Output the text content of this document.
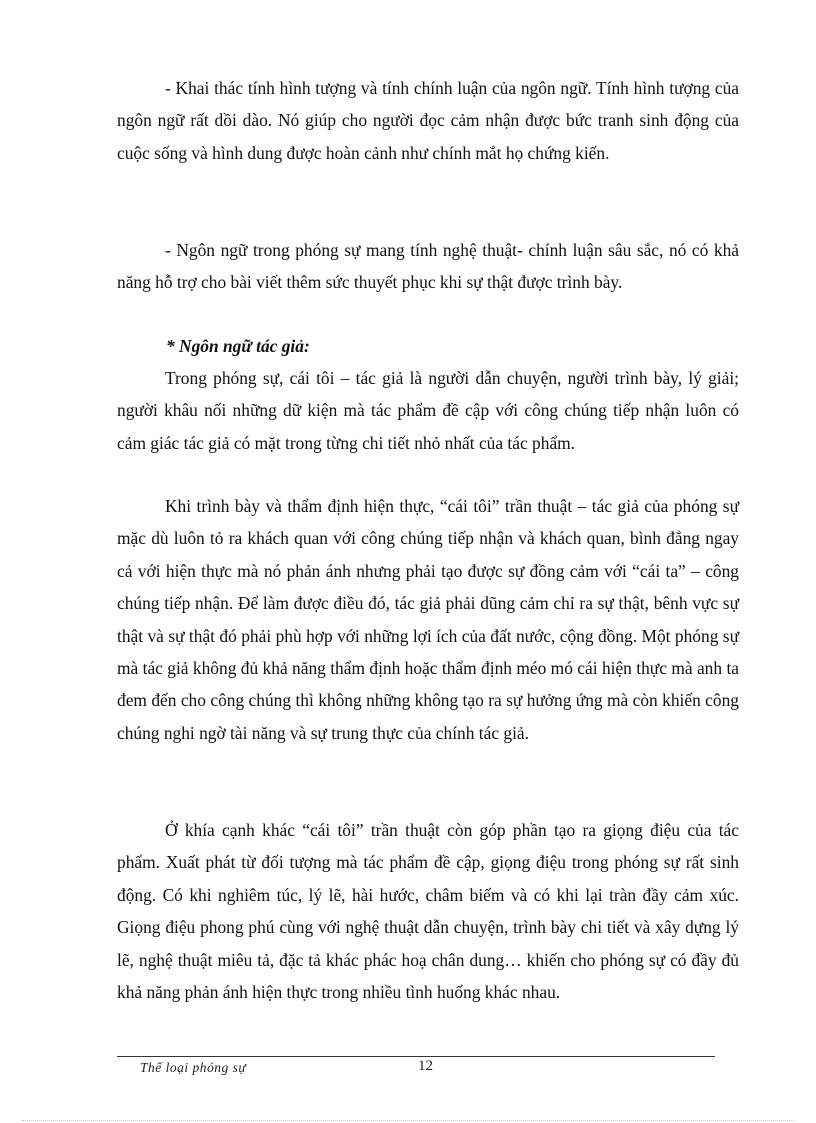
- Khai thác tính hình tượng và tính chính luận của ngôn ngữ. Tính hình tượng của ngôn ngữ rất dồi dào. Nó giúp cho người đọc cảm nhận được bức tranh sinh động của cuộc sống và hình dung được hoàn cảnh như chính mắt họ chứng kiến.

- Ngôn ngữ trong phóng sự mang tính nghệ thuật- chính luận sâu sắc, nó có khả năng hỗ trợ cho bài viết thêm sức thuyết phục khi sự thật được trình bày.

* Ngôn ngữ tác giả:

Trong phóng sự, cái tôi – tác giả là người dẫn chuyện, người trình bày, lý giải; người khâu nối những dữ kiện mà tác phẩm đề cập với công chúng tiếp nhận luôn có cảm giác tác giả có mặt trong từng chi tiết nhỏ nhất của tác phẩm.

Khi trình bày và thẩm định hiện thực, “cái tôi” trần thuật – tác giả của phóng sự mặc dù luôn tỏ ra khách quan với công chúng tiếp nhận và khách quan, bình đẳng ngay cả với hiện thực mà nó phản ánh nhưng phải tạo được sự đồng cảm với “cái ta” – công chúng tiếp nhận. Để làm được điều đó, tác giả phải dũng cảm chỉ ra sự thật, bênh vực sự thật và sự thật đó phải phù hợp với những lợi ích của đất nước, cộng đồng. Một phóng sự mà tác giả không đủ khả năng thẩm định hoặc thẩm định méo mó cái hiện thực mà anh ta đem đến cho công chúng thì không những không tạo ra sự hưởng ứng mà còn khiến công chúng nghi ngờ tài năng và sự trung thực của chính tác giả.

Ở khía cạnh khác “cái tôi” trần thuật còn góp phần tạo ra giọng điệu của tác phẩm. Xuất phát từ đối tượng mà tác phẩm đề cập, giọng điệu trong phóng sự rất sinh động. Có khi nghiêm túc, lý lẽ, hài hước, châm biếm và có khi lại tràn đầy cảm xúc. Giọng điệu phong phú cùng với nghệ thuật dẫn chuyện, trình bày chi tiết và xây dựng lý lẽ, nghệ thuật miêu tả, đặc tả khác phác hoạ chân dung… khiến cho phóng sự có đầy đủ khả năng phản ánh hiện thực trong nhiều tình huống khác nhau.

Thể loại phóng sự	12
